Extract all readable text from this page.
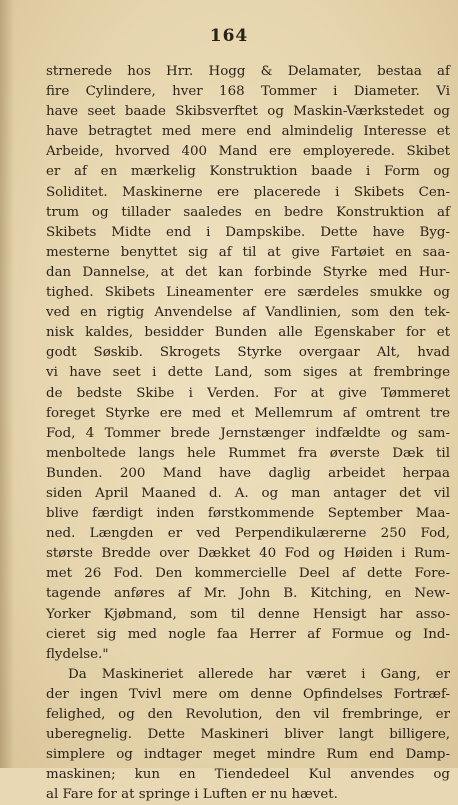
164
strnerede hos Hrr. Hogg & Delamater, bestaa af
fire Cylindere, hver 168 Tommer i Diameter. Vi
have seet baade Skibsverftet og Maskin-Værkstedet og
have betragtet med mere end almindelig Interesse et
Arbeide, hvorved 400 Mand ere employerede. Skibet
er af en mærkelig Konstruktion baade i Form og
Soliditet. Maskinerne ere placerede i Skibets Cen-
trum og tillader saaledes en bedre Konstruktion af
Skibets Midte end i Dampskibe. Dette have Byg-
mesterne benyttet sig af til at give Fartøiet en saa-
dan Dannelse, at det kan forbinde Styrke med Hur-
tighed. Skibets Lineamenter ere særdeles smukke og
ved en rigtig Anvendelse af Vandlinien, som den tek-
nisk kaldes, besidder Bunden alle Egenskaber for et
godt Søskib. Skrogets Styrke overgaar Alt, hvad
vi have seet i dette Land, som siges at frembringe
de bedste Skibe i Verden. For at give Tømmeret
foreget Styrke ere med et Mellemrum af omtrent tre
Fod, 4 Tommer brede Jernstænger indfældte og sam-
menboltede langs hele Rummet fra øverste Dæk til
Bunden. 200 Mand have daglig arbeidet herpaa
siden April Maaned d. A. og man antager det vil
blive færdigt inden førstkommende September Maa-
ned. Længden er ved Perpendikulærerne 250 Fod,
største Bredde over Dækket 40 Fod og Høiden i Rum-
met 26 Fod. Den kommercielle Deel af dette Fore-
tagende anføres af Mr. John B. Kitching, en New-
Yorker Kjøbmand, som til denne Hensigt har asso-
cieret sig med nogle faa Herrer af Formue og Ind-
flydelse."
Da Maskineriet allerede har været i Gang, er
der ingen Tvivl mere om denne Opfindelses Fortræf-
felighed, og den Revolution, den vil frembringe, er
uberegnelig. Dette Maskineri bliver langt billigere,
simplere og indtager meget mindre Rum end Damp-
maskinen; kun en Tiendedeel Kul anvendes og
al Fare for at springe i Luften er nu hævet.
